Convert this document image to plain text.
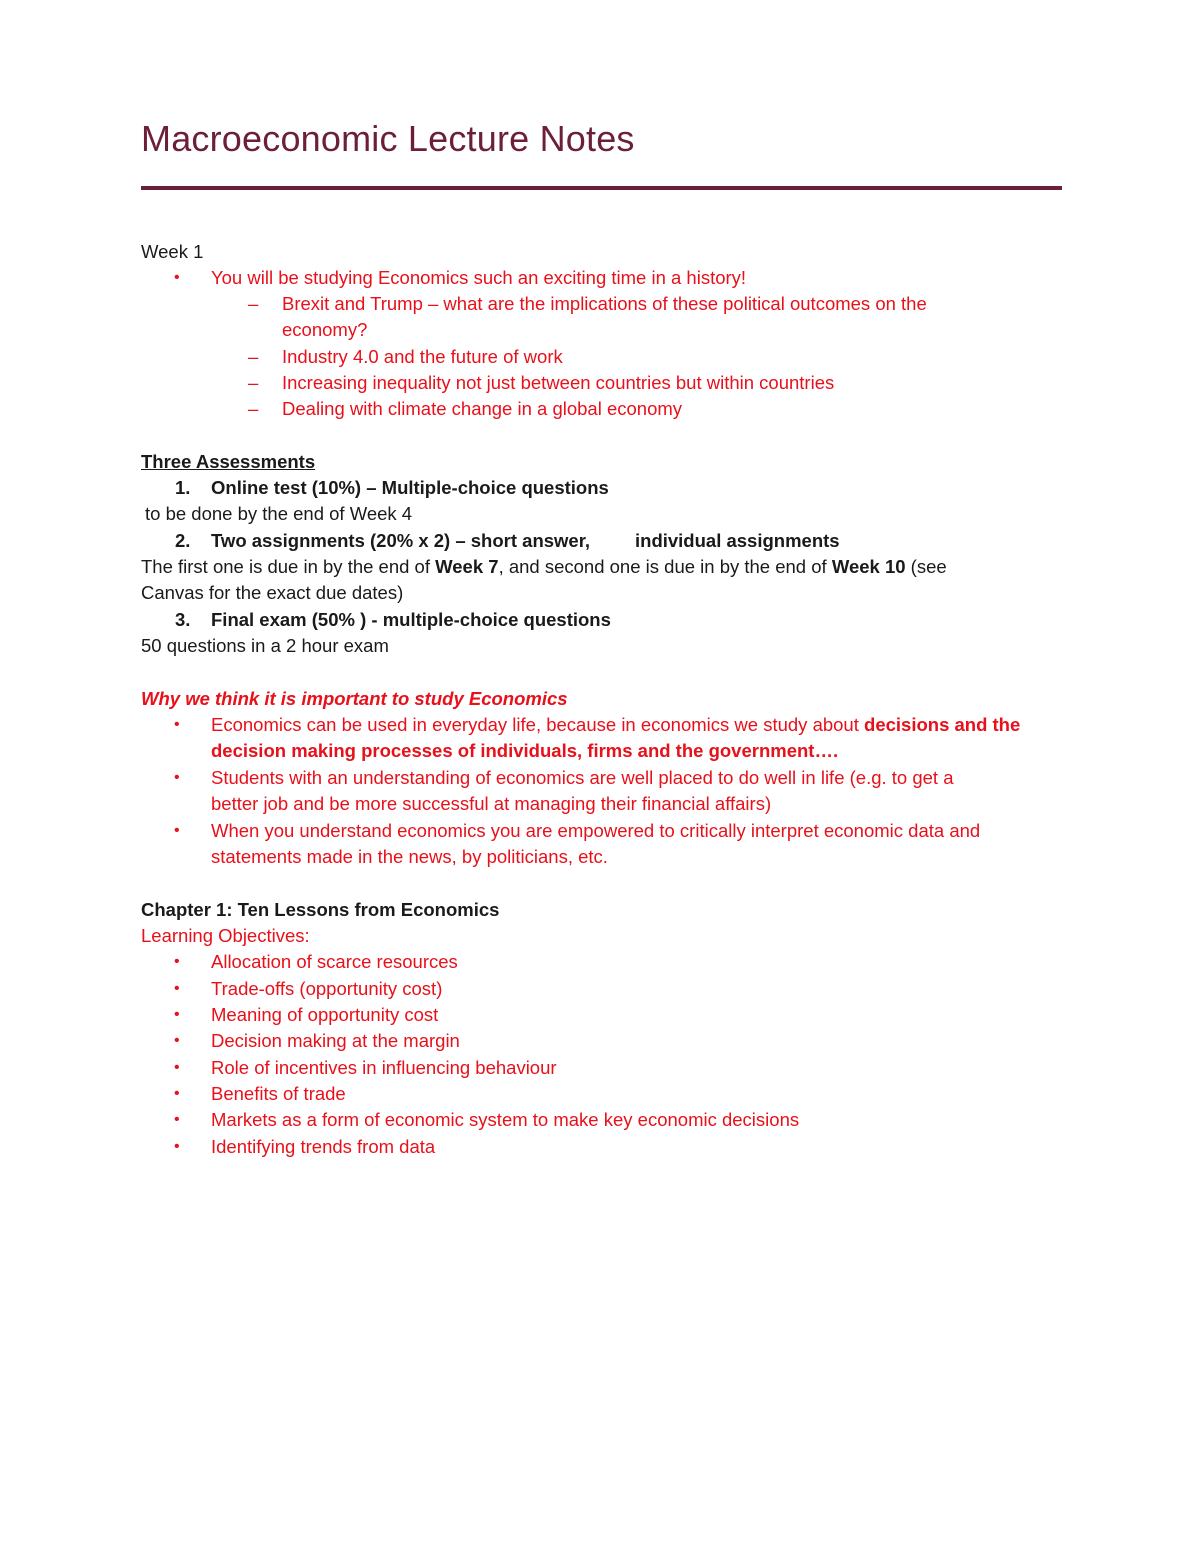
Macroeconomic Lecture Notes
Week 1
• You will be studying Economics such an exciting time in a history!
– Brexit and Trump – what are the implications of these political outcomes on the
economy?
– Industry 4.0 and the future of work
– Increasing inequality not just between countries but within countries
– Dealing with climate change in a global economy
Three Assessments
1. Online test (10%) – Multiple-choice questions
to be done by the end of Week 4
2. Two assignments (20% x 2) – short answer, individual assignments
The first one is due in by the end of Week 7, and second one is due in by the end of Week 10 (see
Canvas for the exact due dates)
3. Final exam (50% ) - multiple-choice questions
50 questions in a 2 hour exam
Why we think it is important to study Economics
• Economics can be used in everyday life, because in economics we study about decisions and the
decision making processes of individuals, firms and the government….
• Students with an understanding of economics are well placed to do well in life (e.g. to get a
better job and be more successful at managing their financial affairs)
• When you understand economics you are empowered to critically interpret economic data and
statements made in the news, by politicians, etc.
Chapter 1: Ten Lessons from Economics
Learning Objectives:
• Allocation of scarce resources
• Trade-offs (opportunity cost)
• Meaning of opportunity cost
• Decision making at the margin
• Role of incentives in influencing behaviour
• Benefits of trade
• Markets as a form of economic system to make key economic decisions
• Identifying trends from data
